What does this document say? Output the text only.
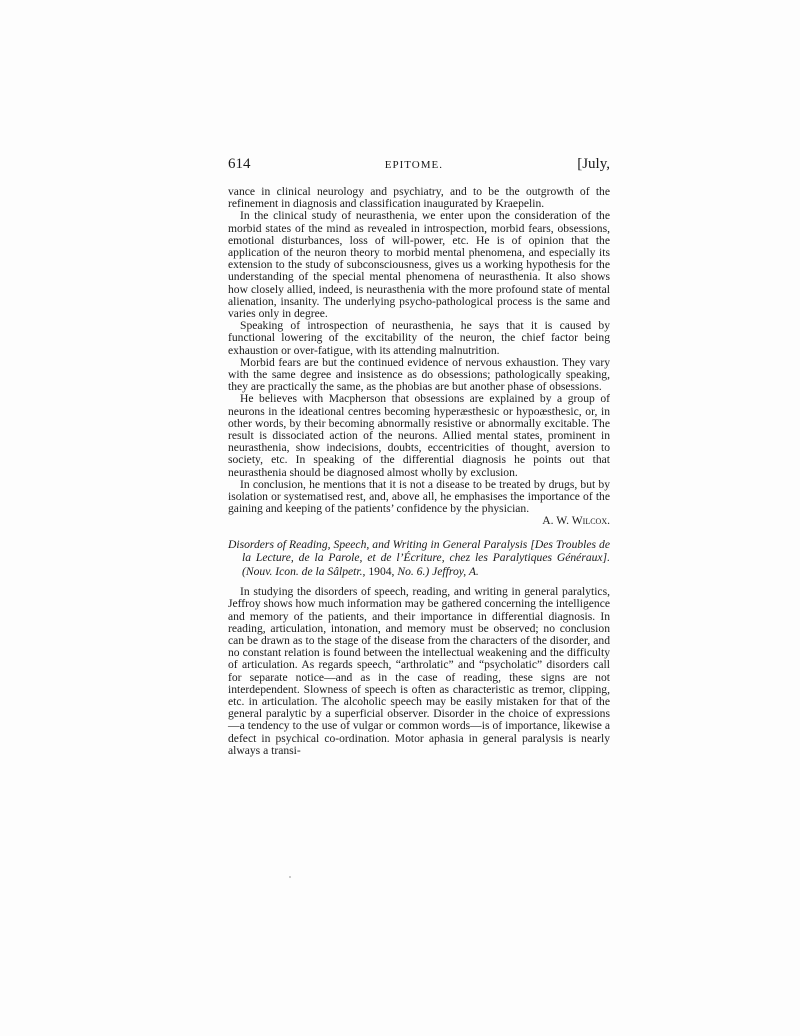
614	EPITOME.	[July,

vance in clinical neurology and psychiatry, and to be the outgrowth of the refinement in diagnosis and classification inaugurated by Kraepelin.

In the clinical study of neurasthenia, we enter upon the consideration of the morbid states of the mind as revealed in introspection, morbid fears, obsessions, emotional disturbances, loss of will-power, etc. He is of opinion that the application of the neuron theory to morbid mental phenomena, and especially its extension to the study of subconsciousness, gives us a working hypothesis for the understanding of the special mental phenomena of neurasthenia. It also shows how closely allied, indeed, is neurasthenia with the more profound state of mental alienation, insanity. The underlying psycho-pathological process is the same and varies only in degree.

Speaking of introspection of neurasthenia, he says that it is caused by functional lowering of the excitability of the neuron, the chief factor being exhaustion or over-fatigue, with its attending malnutrition.

Morbid fears are but the continued evidence of nervous exhaustion. They vary with the same degree and insistence as do obsessions; pathologically speaking, they are practically the same, as the phobias are but another phase of obsessions.

He believes with Macpherson that obsessions are explained by a group of neurons in the ideational centres becoming hyperæsthesic or hypoæsthesic, or, in other words, by their becoming abnormally resistive or abnormally excitable. The result is dissociated action of the neurons. Allied mental states, prominent in neurasthenia, show indecisions, doubts, eccentricities of thought, aversion to society, etc. In speaking of the differential diagnosis he points out that neurasthenia should be diagnosed almost wholly by exclusion.

In conclusion, he mentions that it is not a disease to be treated by drugs, but by isolation or systematised rest, and, above all, he emphasises the importance of the gaining and keeping of the patients’ confidence by the physician.

A. W. Wilcox.
Disorders of Reading, Speech, and Writing in General Paralysis [Des Troubles de la Lecture, de la Parole, et de l’Écriture, chez les Paralytiques Généraux]. (Nouv. Icon. de la Sâlpetr., 1904, No. 6.) Jeffroy, A.

In studying the disorders of speech, reading, and writing in general paralytics, Jeffroy shows how much information may be gathered concerning the intelligence and memory of the patients, and their importance in differential diagnosis. In reading, articulation, intonation, and memory must be observed; no conclusion can be drawn as to the stage of the disease from the characters of the disorder, and no constant relation is found between the intellectual weakening and the difficulty of articulation. As regards speech, “arthrolatic” and “psycholatic” disorders call for separate notice—and as in the case of reading, these signs are not interdependent. Slowness of speech is often as characteristic as tremor, clipping, etc. in articulation. The alcoholic speech may be easily mistaken for that of the general paralytic by a superficial observer. Disorder in the choice of expressions—a tendency to the use of vulgar or common words—is of importance, likewise a defect in psychical co-ordination. Motor aphasia in general paralysis is nearly always a transi-
